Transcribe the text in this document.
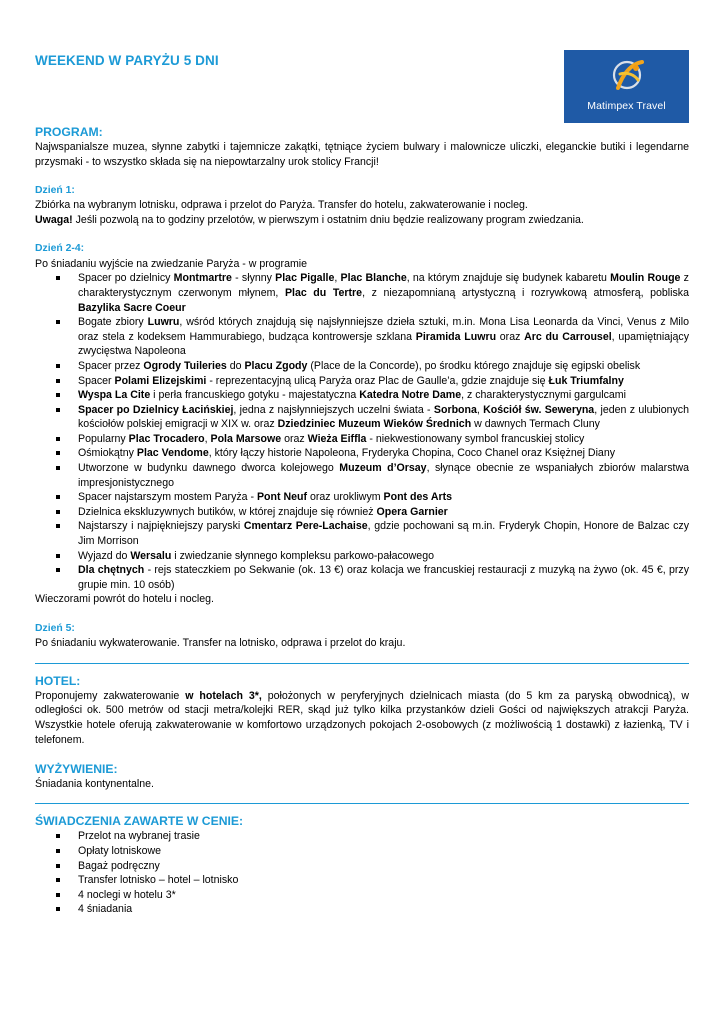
WEEKEND W PARYŻU 5 DNI
Matimpex Travel
PROGRAM:

Najwspanialsze muzea, słynne zabytki i tajemnicze zakątki, tętniące życiem bulwary i malownicze uliczki, eleganckie butiki i legendarne przysmaki - to wszystko składa się na niepowtarzalny urok stolicy Francji!

Dzień 1:

Zbiórka na wybranym lotnisku, odprawa i przelot do Paryża. Transfer do hotelu, zakwaterowanie i nocleg.

Uwaga! Jeśli pozwolą na to godziny przelotów, w pierwszym i ostatnim dniu będzie realizowany program zwiedzania.

Dzień 2-4:

Po śniadaniu wyjście na zwiedzanie Paryża - w programie

Spacer po dzielnicy Montmartre - słynny Plac Pigalle, Plac Blanche, na którym znajduje się budynek kabaretu Moulin Rouge z charakterystycznym czerwonym młynem, Plac du Tertre, z niezapomnianą artystyczną i rozrywkową atmosferą, pobliska Bazylika Sacre Coeur
Bogate zbiory Luwru, wśród których znajdują się najsłynniejsze dzieła sztuki, m.in. Mona Lisa Leonarda da Vinci, Venus z Milo oraz stela z kodeksem Hammurabiego, budząca kontrowersje szklana Piramida Luwru oraz Arc du Carrousel, upamiętniający zwycięstwa Napoleona
Spacer przez Ogrody Tuileries do Placu Zgody (Place de la Concorde), po środku którego znajduje się egipski obelisk
Spacer Polami Elizejskimi - reprezentacyjną ulicą Paryża oraz Plac de Gaulle’a, gdzie znajduje się Łuk Triumfalny
Wyspa La Cite i perła francuskiego gotyku - majestatyczna Katedra Notre Dame, z charakterystycznymi gargulcami
Spacer po Dzielnicy Łacińskiej, jedna z najsłynniejszych uczelni świata - Sorbona, Kościół św. Seweryna, jeden z ulubionych kościołów polskiej emigracji w XIX w. oraz Dziedziniec Muzeum Wieków Średnich w dawnych Termach Cluny
Popularny Plac Trocadero, Pola Marsowe oraz Wieża Eiffla - niekwestionowany symbol francuskiej stolicy
Ośmiokątny Plac Vendome, który łączy historie Napoleona, Fryderyka Chopina, Coco Chanel oraz Księżnej Diany
Utworzone w budynku dawnego dworca kolejowego Muzeum d’Orsay, słynące obecnie ze wspaniałych zbiorów malarstwa impresjonistycznego
Spacer najstarszym mostem Paryża - Pont Neuf oraz urokliwym Pont des Arts
Dzielnica ekskluzywnych butików, w której znajduje się również Opera Garnier
Najstarszy i najpiękniejszy paryski Cmentarz Pere-Lachaise, gdzie pochowani są m.in. Fryderyk Chopin, Honore de Balzac czy Jim Morrison
Wyjazd do Wersalu i zwiedzanie słynnego kompleksu parkowo-pałacowego
Dla chętnych - rejs stateczkiem po Sekwanie (ok. 13 €) oraz kolacja we francuskiej restauracji z muzyką na żywo (ok. 45 €, przy grupie min. 10 osób)

Wieczorami powrót do hotelu i nocleg.

Dzień 5:

Po śniadaniu wykwaterowanie. Transfer na lotnisko, odprawa i przelot do kraju.

HOTEL:

Proponujemy zakwaterowanie w hotelach 3*, położonych w peryferyjnych dzielnicach miasta (do 5 km za paryską obwodnicą), w odległości ok. 500 metrów od stacji metra/kolejki RER, skąd już tylko kilka przystanków dzieli Gości od największych atrakcji Paryża. Wszystkie hotele oferują zakwaterowanie w komfortowo urządzonych pokojach 2-osobowych (z możliwością 1 dostawki) z łazienką, TV i telefonem.

WYŻYWIENIE:

Śniadania kontynentalne.

ŚWIADCZENIA ZAWARTE W CENIE:
Przelot na wybranej trasie
Opłaty lotniskowe
Bagaż podręczny
Transfer lotnisko – hotel – lotnisko
4 noclegi w hotelu 3*
4 śniadania
